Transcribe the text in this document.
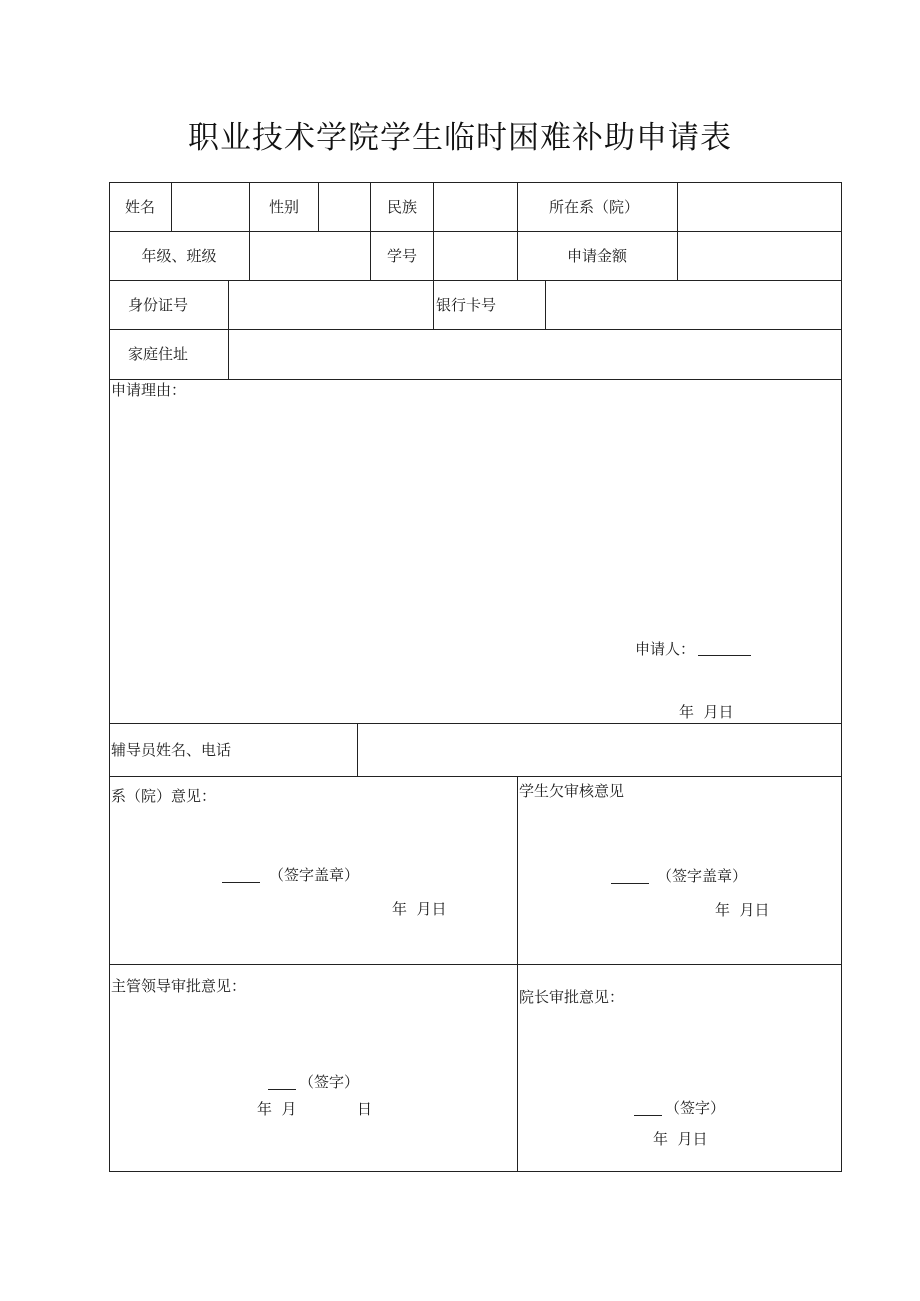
职业技术学院学生临时困难补助申请表
姓名	性别	民族	所在系（院）
年级、班级	学号	申请金额
身份证号	银行卡号
家庭住址
申请理由：
申请人：
年  月日
辅导员姓名、电话
系（院）意见：
（签字盖章）
年  月日
学生欠审核意见
（签字盖章）
年  月日
主管领导审批意见：
（签字）
年  月	日
院长审批意见：
（签字）
年  月日
